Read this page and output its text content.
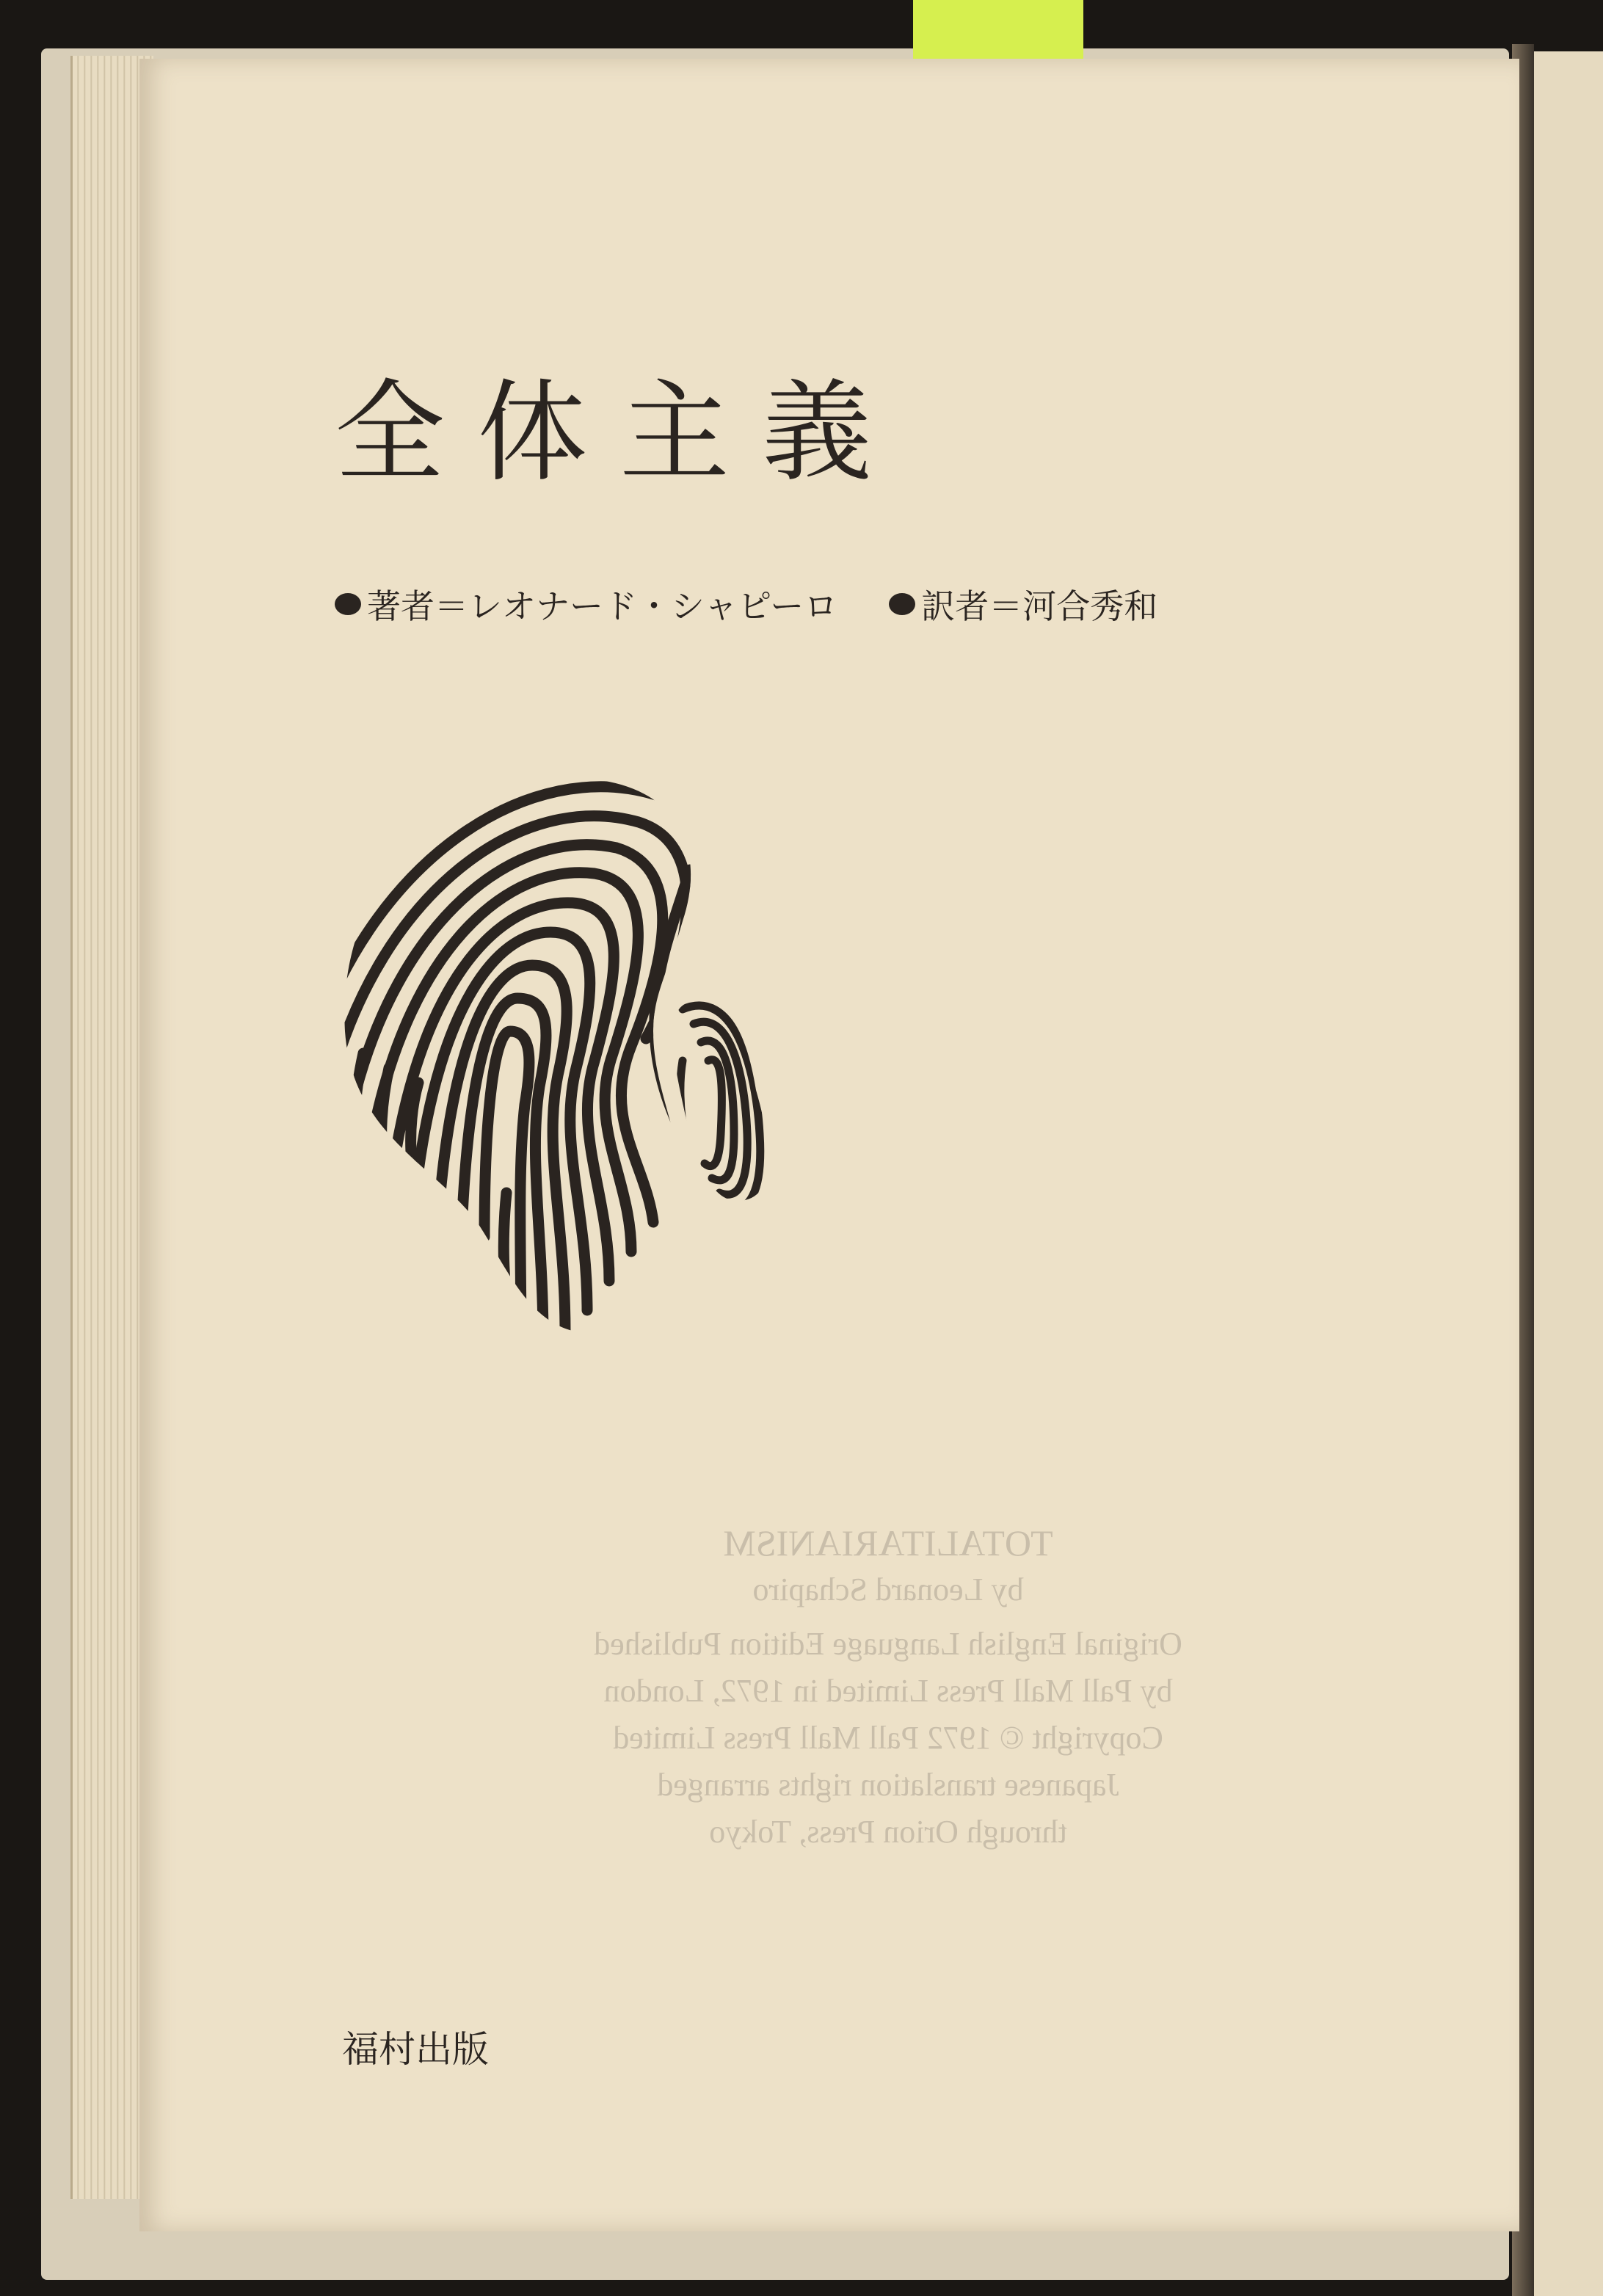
全体主義
著者＝レオナード・シャピーロ 訳者＝河合秀和
TOTALITARIANISM
by Leonard Schapiro
Original English Language Edition Published
by Pall Mall Press Limited in 1972, London
Copyright © 1972 Pall Mall Press Limited
Japanese translation rights arranged
through Orion Press, Tokyo
福村出版
